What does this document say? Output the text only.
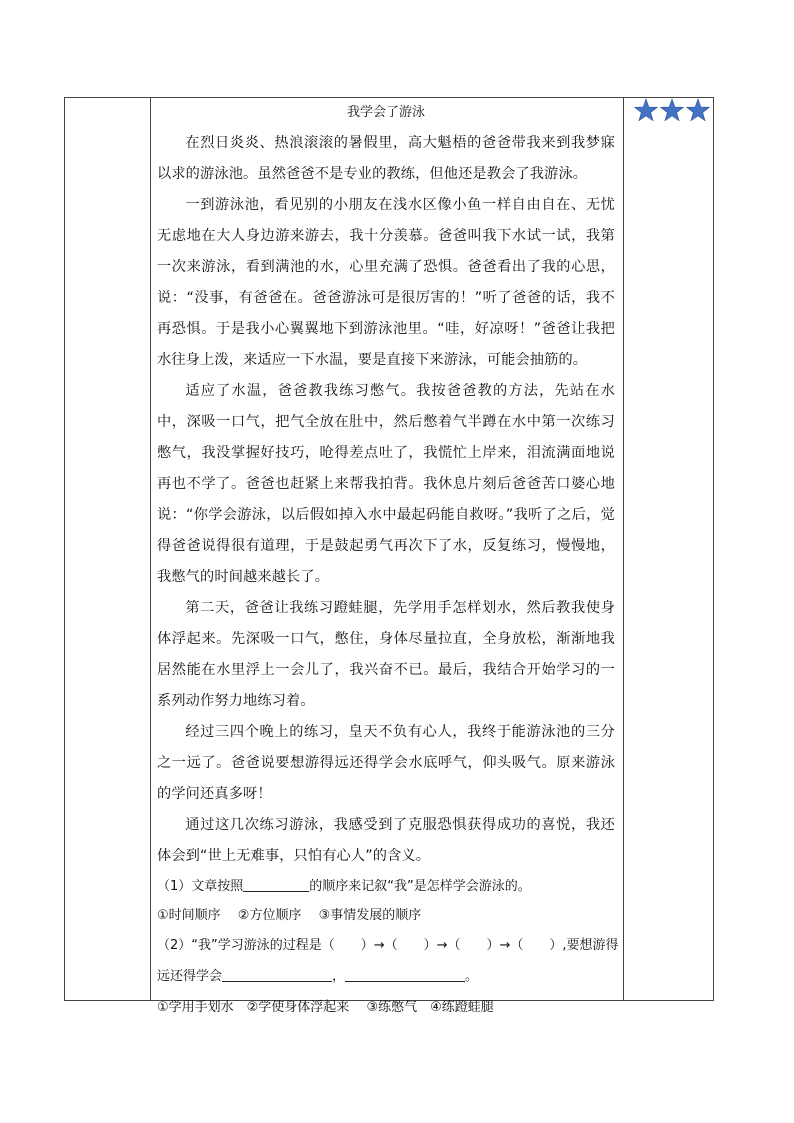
我学会了游泳

在烈日炎炎、热浪滚滚的暑假里，高大魁梧的爸爸带我来到我梦寐以求的游泳池。虽然爸爸不是专业的教练，但他还是教会了我游泳。

一到游泳池，看见别的小朋友在浅水区像小鱼一样自由自在、无忧无虑地在大人身边游来游去，我十分羡慕。爸爸叫我下水试一试，我第一次来游泳，看到满池的水，心里充满了恐惧。爸爸看出了我的心思，说：“没事，有爸爸在。爸爸游泳可是很厉害的！”听了爸爸的话，我不再恐惧。于是我小心翼翼地下到游泳池里。“哇，好凉呀！”爸爸让我把水往身上泼，来适应一下水温，要是直接下来游泳，可能会抽筋的。

适应了水温，爸爸教我练习憋气。我按爸爸教的方法，先站在水中，深吸一口气，把气全放在肚中，然后憋着气半蹲在水中第一次练习憋气，我没掌握好技巧，呛得差点吐了，我慌忙上岸来，泪流满面地说再也不学了。爸爸也赶紧上来帮我拍背。我休息片刻后爸爸苦口婆心地说：“你学会游泳，以后假如掉入水中最起码能自救呀。”我听了之后，觉得爸爸说得很有道理，于是鼓起勇气再次下了水，反复练习，慢慢地，我憋气的时间越来越长了。

第二天，爸爸让我练习蹬蛙腿，先学用手怎样划水，然后教我使身体浮起来。先深吸一口气，憋住，身体尽量拉直，全身放松，渐渐地我居然能在水里浮上一会儿了，我兴奋不已。最后，我结合开始学习的一系列动作努力地练习着。

经过三四个晚上的练习，皇天不负有心人，我终于能游泳池的三分之一远了。爸爸说要想游得远还得学会水底呼气，仰头吸气。原来游泳的学问还真多呀！

通过这几次练习游泳，我感受到了克服恐惧获得成功的喜悦，我还体会到“世上无难事，只怕有心人”的含义。

（1）文章按照	的顺序来记叙“我”是怎样学会游泳的。

①时间顺序　 ②方位顺序　 ③事情发展的顺序

（2）“我”学习游泳的过程是（　　）→（　　）→（　　）→（　　）,要想游得

远还得学会	，	。

①学用手划水　②学使身体浮起来　 ③练憋气　④练蹬蛙腿
